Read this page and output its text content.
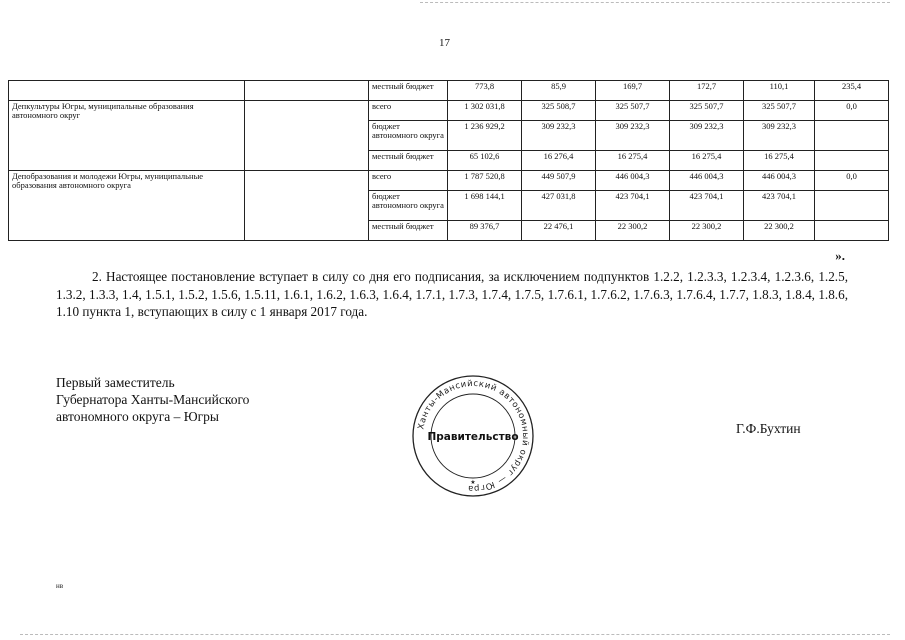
17
		местный бюджет	773,8	85,9	169,7	172,7	110,1	235,4
Депкультуры Югры, муниципальные образования автономного округ		всего	1 302 031,8	325 508,7	325 507,7	325 507,7	325 507,7	0,0
		бюджет автономного округа	1 236 929,2	309 232,3	309 232,3	309 232,3	309 232,3	
		местный бюджет	65 102,6	16 276,4	16 275,4	16 275,4	16 275,4	
Депобразования и молодежи Югры, муниципальные образования автономного округа		всего	1 787 520,8	449 507,9	446 004,3	446 004,3	446 004,3	0,0
		бюджет автономного округа	1 698 144,1	427 031,8	423 704,1	423 704,1	423 704,1	
		местный бюджет	89 376,7	22 476,1	22 300,2	22 300,2	22 300,2	
».

2. Настоящее постановление вступает в силу со дня его подписания, за исключением подпунктов 1.2.2, 1.2.3.3, 1.2.3.4, 1.2.3.6, 1.2.5, 1.3.2, 1.3.3, 1.4, 1.5.1, 1.5.2, 1.5.6, 1.5.11, 1.6.1, 1.6.2, 1.6.3, 1.6.4, 1.7.1, 1.7.3, 1.7.4, 1.7.5, 1.7.6.1, 1.7.6.2, 1.7.6.3, 1.7.6.4, 1.7.7, 1.8.3, 1.8.4, 1.8.6, 1.10 пункта 1, вступающих в силу с 1 января 2017 года.

Первый заместитель
Губернатора Ханты-Мансийского
автономного округа – Югры
Ханты-Мансийский автономный округ — Югра
Правительство
★
Г.Ф.Бухтин
нв
